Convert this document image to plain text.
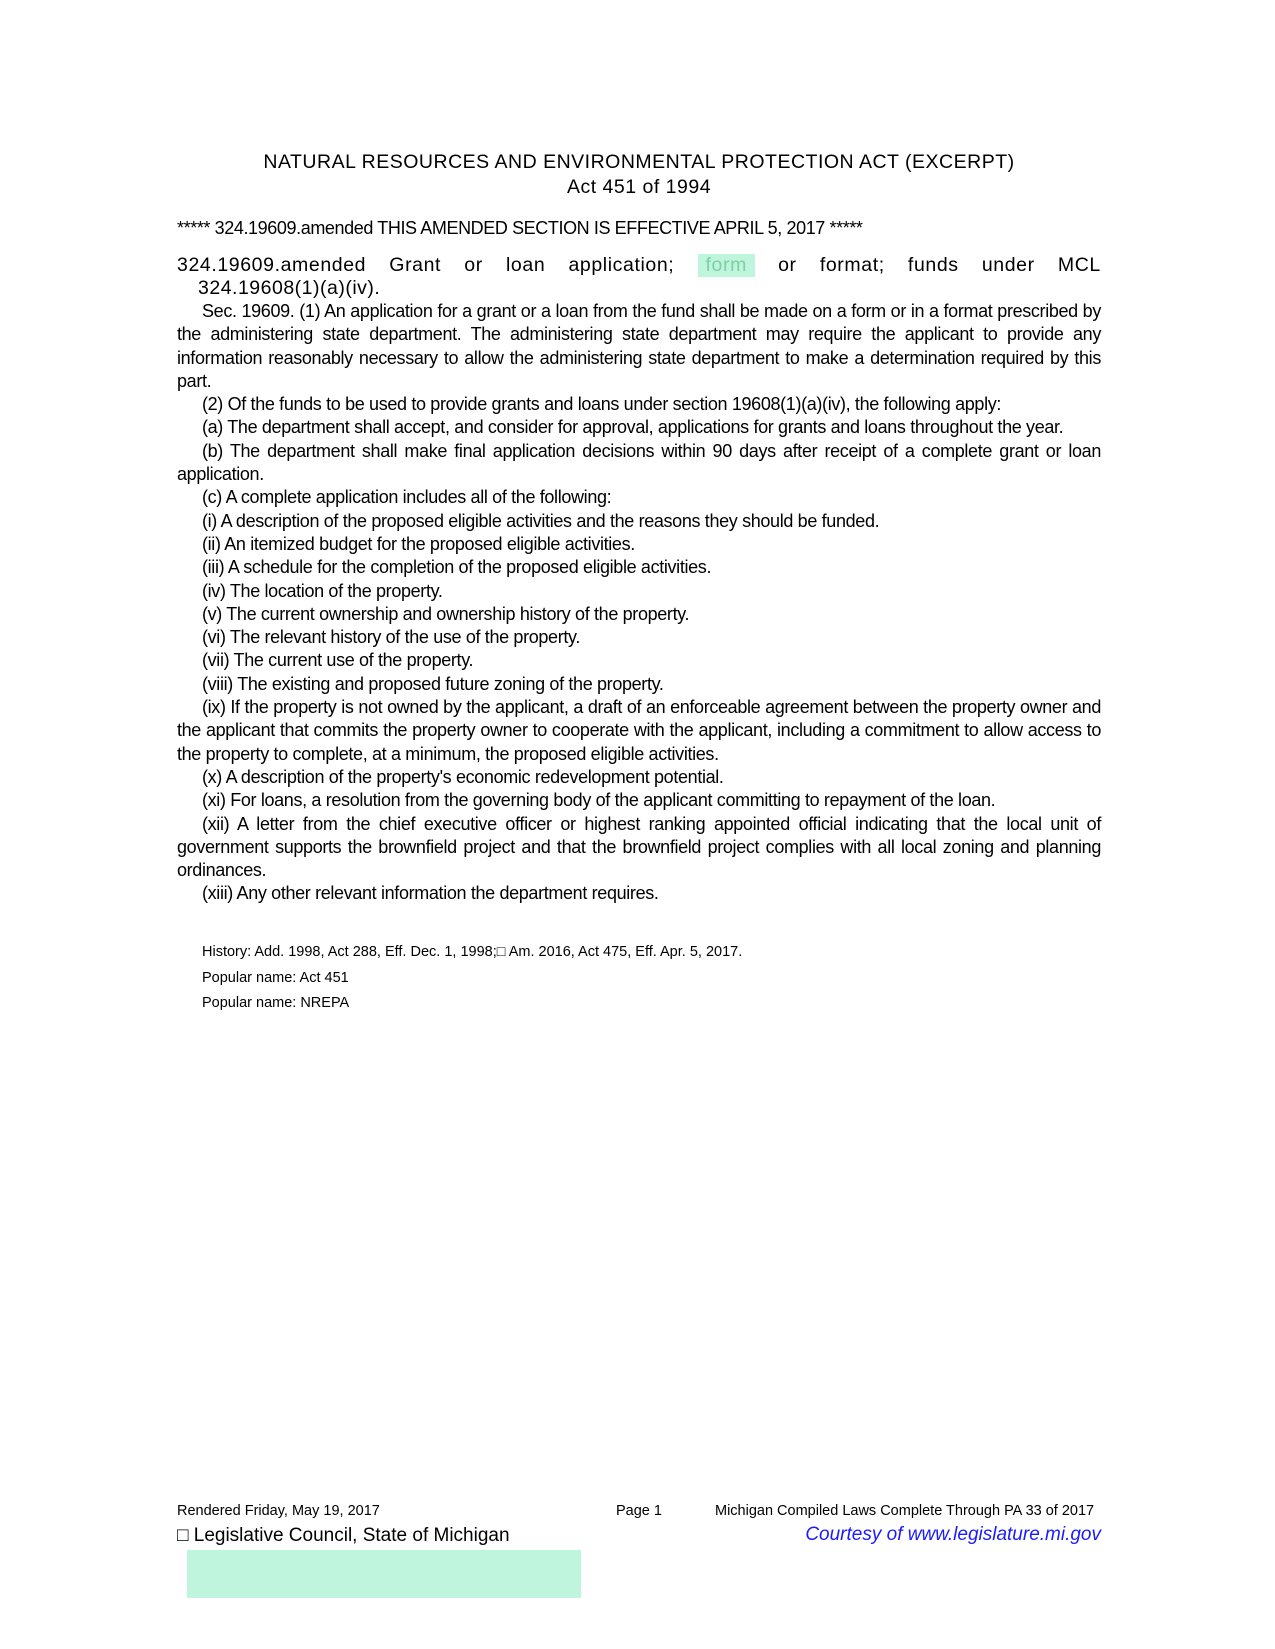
NATURAL RESOURCES AND ENVIRONMENTAL PROTECTION ACT (EXCERPT)
Act 451 of 1994
***** 324.19609.amended THIS AMENDED SECTION IS EFFECTIVE APRIL 5, 2017 *****
324.19609.amended Grant or loan application;	form	or format; funds under MCL
324.19608(1)(a)(iv).

Sec. 19609. (1) An application for a grant or a loan from the fund shall be made on a form or in a format prescribed by the administering state department. The administering state department may require the applicant to provide any information reasonably necessary to allow the administering state department to make a determination required by this part.

(2) Of the funds to be used to provide grants and loans under section 19608(1)(a)(iv), the following apply:

(a) The department shall accept, and consider for approval, applications for grants and loans throughout the year.

(b) The department shall make final application decisions within 90 days after receipt of a complete grant or loan application.

(c) A complete application includes all of the following:

(i) A description of the proposed eligible activities and the reasons they should be funded.

(ii) An itemized budget for the proposed eligible activities.

(iii) A schedule for the completion of the proposed eligible activities.

(iv) The location of the property.

(v) The current ownership and ownership history of the property.

(vi) The relevant history of the use of the property.

(vii) The current use of the property.

(viii) The existing and proposed future zoning of the property.

(ix) If the property is not owned by the applicant, a draft of an enforceable agreement between the property owner and the applicant that commits the property owner to cooperate with the applicant, including a commitment to allow access to the property to complete, at a minimum, the proposed eligible activities.

(x) A description of the property's economic redevelopment potential.

(xi) For loans, a resolution from the governing body of the applicant committing to repayment of the loan.

(xii) A letter from the chief executive officer or highest ranking appointed official indicating that the local unit of government supports the brownfield project and that the brownfield project complies with all local zoning and planning ordinances.

(xiii) Any other relevant information the department requires.

History: Add. 1998, Act 288, Eff. Dec. 1, 1998;□ Am. 2016, Act 475, Eff. Apr. 5, 2017.
Popular name: Act 451
Popular name: NREPA
Rendered Friday, May 19, 2017	Page 1	Michigan Compiled Laws Complete Through PA 33 of 2017
□ Legislative Council, State of Michigan	Courtesy of www.legislature.mi.gov
